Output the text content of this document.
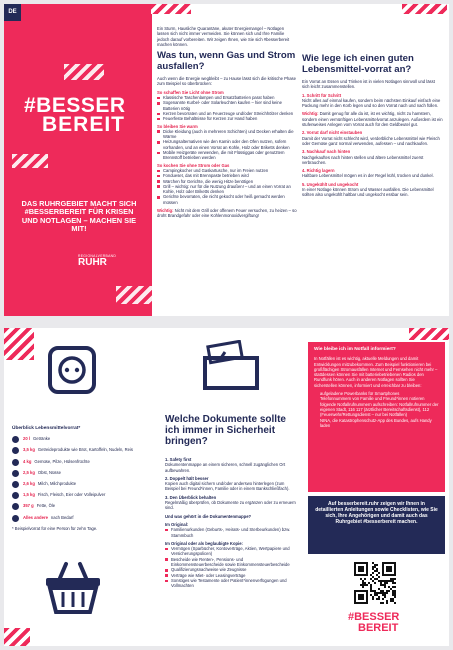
DE
#BESSER
BEREIT
DAS RUHRGEBIET MACHT SICH #BESSERBEREIT FÜR KRISEN UND NOTLAGEN – MACHEN SIE MIT!
REGIONALVERBAND
RUHR

Ein Sturm, Hausliche Quarantäne, akuter Energiemangel – Notlagen lassen sich nicht immer vermeiden. Sie können sich und Ihre Familie jedoch darauf vorbereiten. Wir zeigen Ihnen, wie Sie sich #besserbereit machen können.

Was tun, wenn Gas und Strom ausfallen?

Auch wenn die Energie wegbleibt – zu Hause lässt sich die kritische Phase zum Beispiel so überbrücken:

So schaffen Sie Licht ohne Strom
Klassische Taschenlampen und Ersatzbatterien parat haben
Sogenannte Kurbel- oder Solarleuchten kaufen – hier sind keine Batterien nötig
Kerzen bevorraten und an Feuerzeuge und/oder Streichhölzer denken
Feuerfeste Behältnisse für Kerzen zur Hand haben
So bleiben Sie warm
Dicke Kleidung (auch in mehreren Schichten) und Decken erhalten die Wärme
Heizungsalternativen wie den Kamin oder den Ofen nutzen, sofern vorhanden, und an einen Vorrat an Kohle, Holz oder Briketts denken
Mobile Heizgeräte verwenden, die mit Flüssiggas oder genutztem Brennstoff betrieben werden
So kochen Sie ohne Strom oder Gas
Campingkocher und Gaskartusche, nur im Freien nutzen
Fondueset, das mit Brennpaste betrieben wird
Wärchen für Gerichte, die wenig Hitze benötigen
Grill – wichtig: nur für die Nutzung draußen! – und an einen Vorrat an Kohle, Holz oder Briketts denken
Gerichte bevorraten, die nicht gekocht oder heiß gemacht werden müssen

Wichtig: Nicht mit dem Grill oder offenem Feuer versuchen, zu heizen – so droht Brandgefahr oder eine Kohlenmonoxidvergiftung!

Wie lege ich einen guten Lebensmittel-vorrat an?

Ein Vorrat an Essen und Trinken ist in vielen Notlagen sinnvoll und lässt sich leicht zusammenstellen.

1. Schritt für Schritt

Nicht alles auf einmal kaufen, sondern beim nächsten Einkauf einfach eine Packung mehr in den Korb legen und so den Vorrat nach und nach füllen.

Wichtig: Damit genug für alle da ist, ist es wichtig, nicht zu hamstern, sondern einen vernünftigen Lebensmittelvorrat anzulegen. Außerdem ist ein stufenweises Anlegen vom Vorrat auch für den Geldbeutel gut.

2. Vorrat darf nicht einstauben

Damit der Vorrat nicht schlecht wird, verderbliche Lebensmittel wie Fleisch oder Gemüse ganz normal verwenden, aufessen – und nachkaufen.

3. Nachkauf nach hinten

Nachgekauftes nach hinten stellen und ältere Lebensmittel zuerst verbrauchen.

4. Richtig lagern

Haltbare Lebensmittel mögen es in der Regel kühl, trocken und dunkel.

5. Ungekühlt und ungekocht

In einer Notlage können Strom und Wasser ausfallen. Die Lebensmittel sollten also ungekühlt haltbar und ungekocht essbar sein.

Überblick Lebensmittelvorrat*
20 l Getränke
3,5 kg Getreideprodukte wie Brot, Kartoffeln, Nudeln, Reis
4 kg Gemüse, Pilze, Hülsenfrüchte
2,5 kg Obst, Nüsse
2,6 kg Milch, Milchprodukte
1,5 kg Fisch, Fleisch, Eier oder Volleipulver
357 g Fette, Öle
Alles andere nach Bedarf
* Beispielvorrat für eine Person für zehn Tage.
Welche Dokumente sollte ich immer in Sicherheit bringen?
1. Safety first

Dokumentenmappe an einem sicheren, schnell zugänglichen Ort aufbewahren.

2. Doppelt hält besser

Kopien auch digital sichern und/oder anderswo hinterlegen (zum Beispiel bei Freund*innen, Familie oder in einem Bankschließfach).

3. Den Überblick behalten

Regelmäßig überprüfen, ob Dokumente zu ergänzen oder zu erneuern sind.

Und was gehört in die Dokumentenmappe?
Im Original:
Familienurkunden (Geburts-, Heirats- und Sterbeurkunden) bzw. Stammbuch
Im Original oder als beglaubigte Kopie:
Vermögen (Sparbücher, Kontoverträge, Aktien, Wertpapiere und Versicherungspolicen)
Bescheide wie Renten-, Pensions- und Einkommensteuerbescheide sowie Einkommensteuerbescheide
Qualifizierungsnachweise wie Zeugnisse
Verträge wie Miet- oder Leasingverträge
Sonstiges wie Testamente oder Patient*innenverfügungen und Vollmachten
Wie bleibe ich im Notfall informiert?

In Notfällen ist es wichtig, aktuelle Meldungen und damit Entwicklungen mitzubekommen. Zum Beispiel funktionieren bei großflächigen Stromausfällen Internet und Fernsehen nicht mehr – stattdessen können Sie mit batteriebetriebenen Radios den Rundfunk hören. Auch in anderen Notlagen sollten Sie sicherstellen können, informiert und erreichbar zu bleiben:

aufgeladene Powerbanks für Smartphones
Telefonnummern von Familie und Freund*innen notieren
folgende Notfallrufnummern aufschreiben: Notfallrufnummer der eigenen Stadt, 116 117 (ärztlicher Bereitschaftsdienst), 112 (Feuerwehr/Rettungsdienst – nur bei Notfällen)
NINA, die Katastrophenschutz-App des Bundes, aufs Handy laden
Auf besserbereit.ruhr zeigen wir Ihnen in detaillierten Anleitungen sowie Checklisten, wie Sie sich, Ihre Angehörigen und damit auch das Ruhrgebiet #besserbereit machen.
#BESSER
BEREIT
